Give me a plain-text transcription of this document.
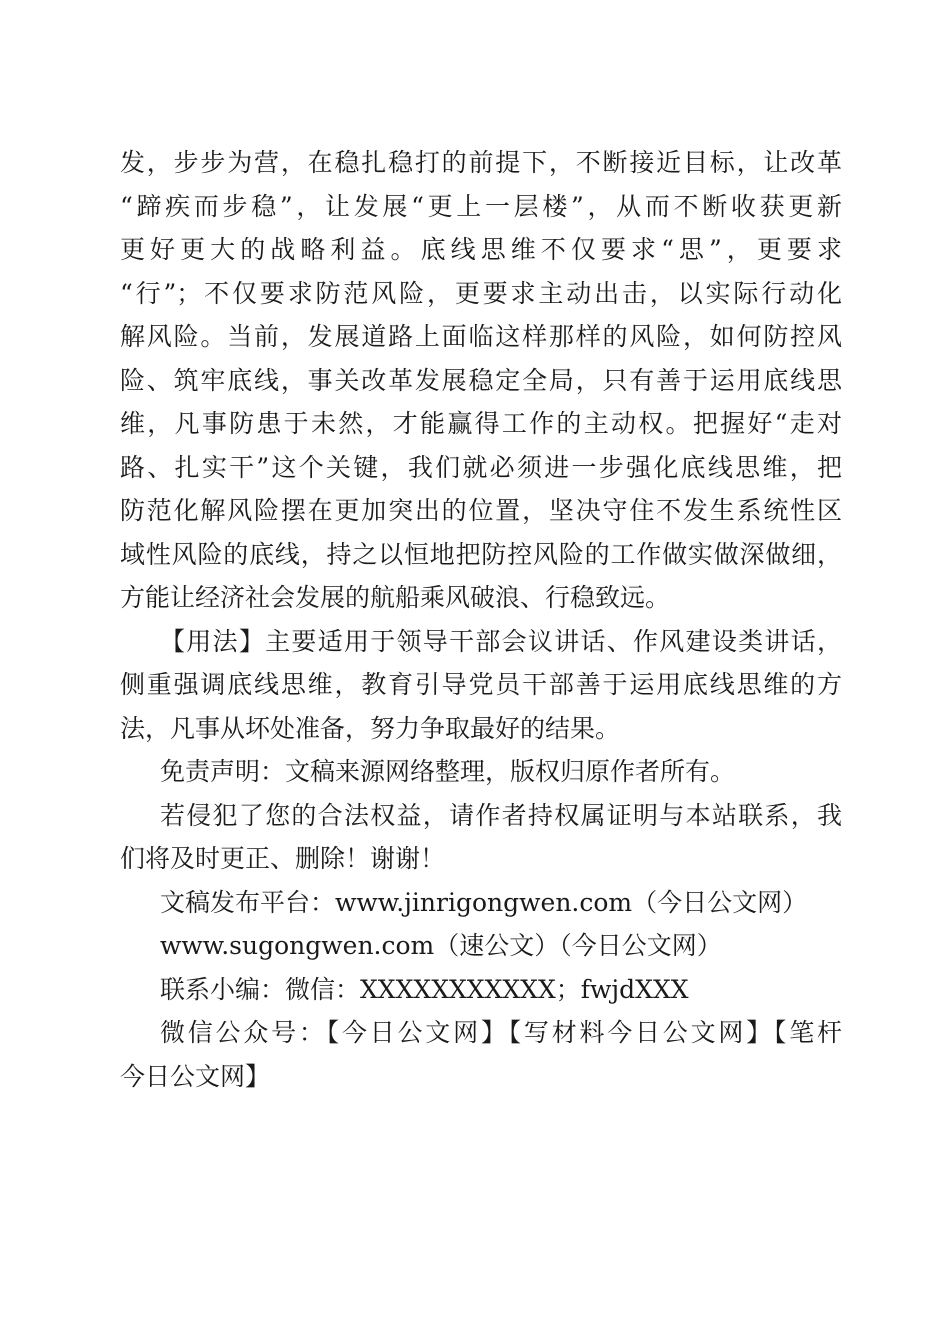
发，步步为营，在稳扎稳打的前提下，不断接近目标，让改革
“蹄疾而步稳”，让发展“更上一层楼”，从而不断收获更新
更好更大的战略利益。底线思维不仅要求“思”，更要求
“行”；不仅要求防范风险，更要求主动出击，以实际行动化
解风险。当前，发展道路上面临这样那样的风险，如何防控风
险、筑牢底线，事关改革发展稳定全局，只有善于运用底线思
维，凡事防患于未然，才能赢得工作的主动权。把握好“走对
路、扎实干”这个关键，我们就必须进一步强化底线思维，把
防范化解风险摆在更加突出的位置，坚决守住不发生系统性区
域性风险的底线，持之以恒地把防控风险的工作做实做深做细，
方能让经济社会发展的航船乘风破浪、行稳致远。
【用法】主要适用于领导干部会议讲话、作风建设类讲话，
侧重强调底线思维，教育引导党员干部善于运用底线思维的方
法，凡事从坏处准备，努力争取最好的结果。
免责声明：文稿来源网络整理，版权归原作者所有。
若侵犯了您的合法权益，请作者持权属证明与本站联系，我
们将及时更正、删除！谢谢！
文稿发布平台：www.jinrigongwen.com（今日公文网）
www.sugongwen.com（速公文）（今日公文网）
联系小编：微信：XXXXXXXXXXX；fwjdXXX
微信公众号：【今日公文网】【写材料今日公文网】【笔杆
今日公文网】
